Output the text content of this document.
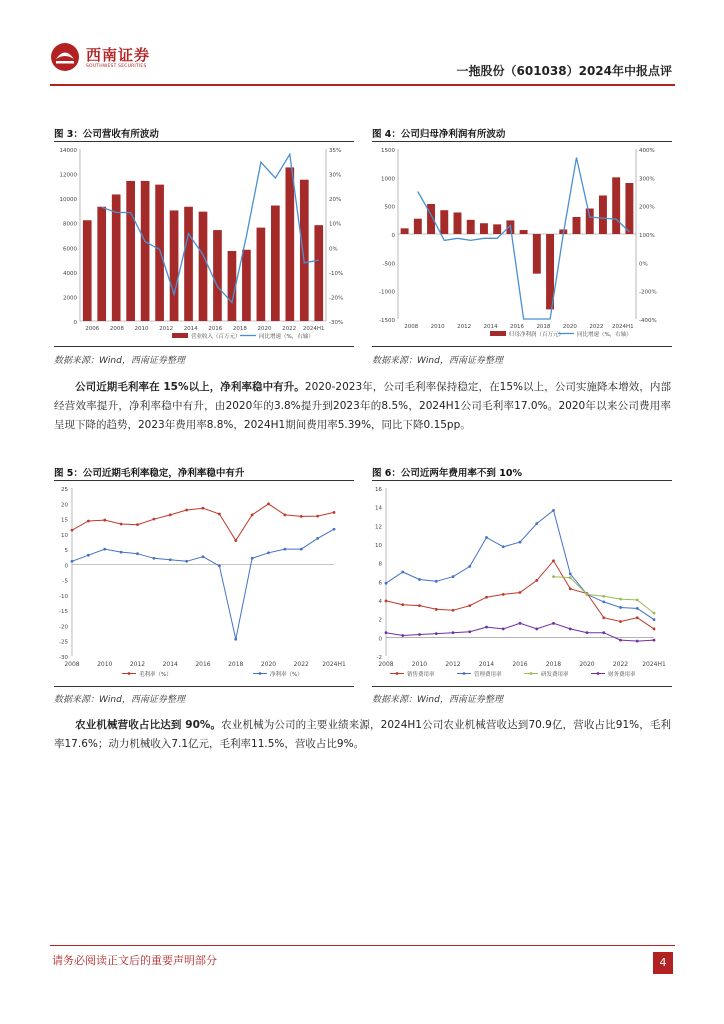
西南证券
SOUTHWEST SECURITIES	一拖股份（601038）2024年中报点评
图 3：公司营收有所波动
0
2000
4000
6000
8000
10000
12000
14000
-30%
-20%
-10%
0%
10%
20%
30%
35%
2006 2008 2010 2012 2014 2016 2018 2020 2022 2024H1
营业收入（百万元）	同比增速（%，右轴）
数据来源：Wind，西南证券整理
图 4：公司归母净利润有所波动
-1500
-1000
-500
0
500
1000
1500
-400%
-200%
0%
100%
200%
300%
400%
2008 2010 2012 2014 2016 2018 2020 2022 2024H1
归母净利润（百万元） 同比增速（%，右轴）
数据来源：Wind，西南证券整理
公司近期毛利率在 15%以上，净利率稳中有升。2020-2023年，公司毛利率保持稳定，在15%以上，公司实施降本增效，内部经营效率提升，净利率稳中有升，由2020年的3.8%提升到2023年的8.5%，2024H1公司毛利率17.0%。2020年以来公司费用率呈现下降的趋势，2023年费用率8.8%，2024H1期间费用率5.39%，同比下降0.15pp。
图 5：公司近期毛利率稳定，净利率稳中有升
-30
-25
-20
-15
-10
-5
0
5
10
15
20
25
2008	2010	2012	2014	2016	2018	2020	2022 2024H1
毛利率（%）	净利率（%）
数据来源：Wind，西南证券整理
图 6：公司近两年费用率不到 10%
-2
0
2
4
6
8
10
12
14
16
2008	2010	2012	2014	2016	2018	2020	2022 2024H1
销售费用率	管理费用率	研发费用率	财务费用率
数据来源：Wind，西南证券整理
农业机械营收占比达到 90%。农业机械为公司的主要业绩来源，2024H1公司农业机械营收达到70.9亿，营收占比91%，毛利率17.6%；动力机械收入7.1亿元，毛利率11.5%，营收占比9%。
请务必阅读正文后的重要声明部分	4
